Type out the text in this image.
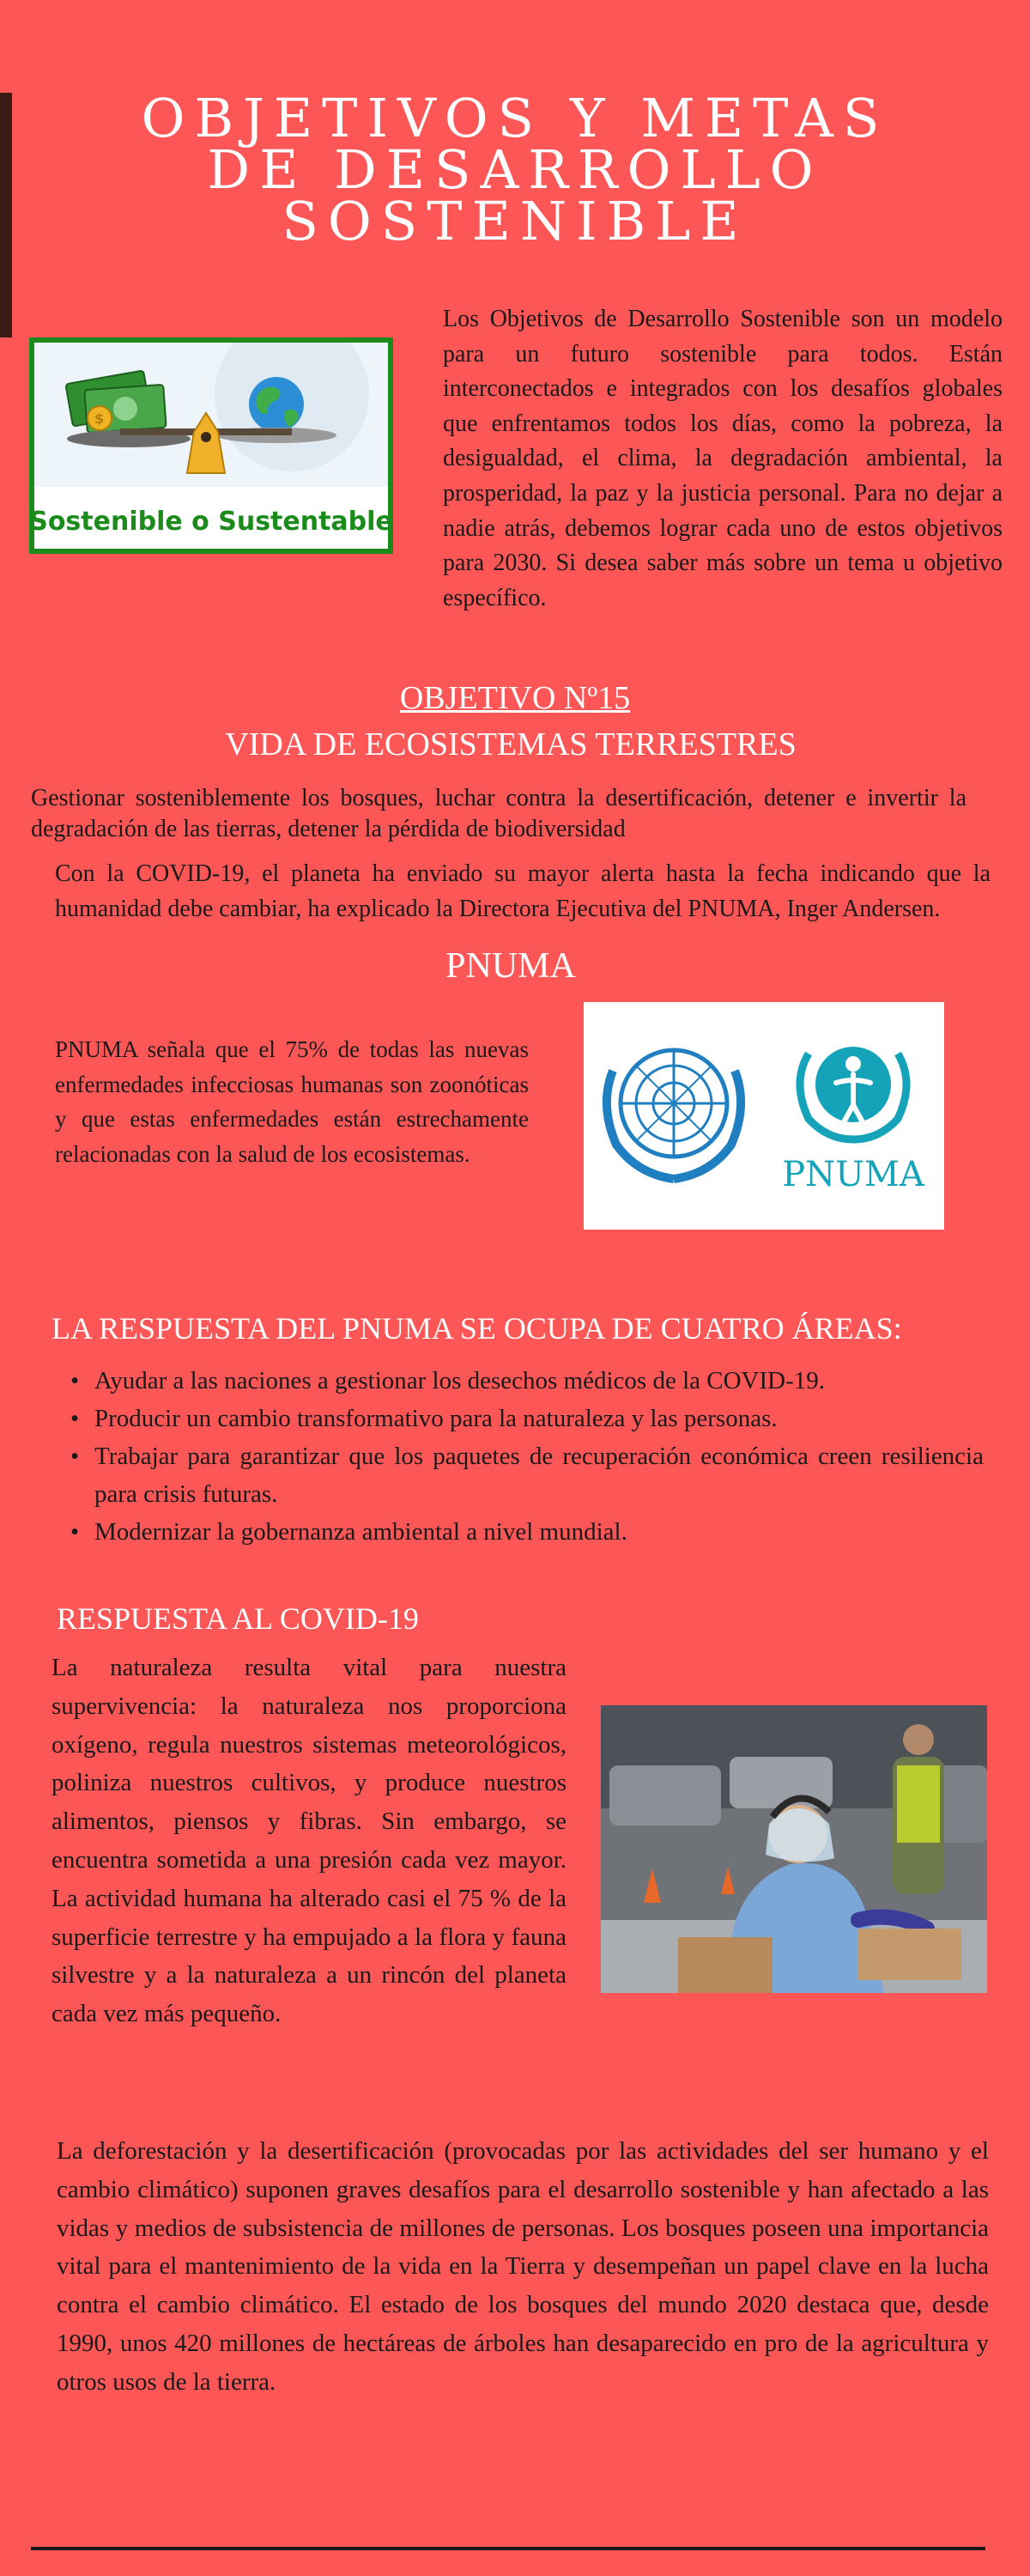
OBJETIVOS Y METAS DE DESARROLLO SOSTENIBLE
$
Sostenible o Sustentable

Los Objetivos de Desarrollo Sostenible son un modelo para un futuro sostenible para todos. Están interconectados e integrados con los desafíos globales que enfrentamos todos los días, como la pobreza, la desigualdad, el clima, la degradación ambiental, la prosperidad, la paz y la justicia personal. Para no dejar a nadie atrás, debemos lograr cada uno de estos objetivos para 2030. Si desea saber más sobre un tema u objetivo específico.

OBJETIVO Nº15
VIDA DE ECOSISTEMAS TERRESTRES

Gestionar sosteniblemente los bosques, luchar contra la desertificación, detener e invertir la degradación de las tierras, detener la pérdida de biodiversidad

Con la COVID-19, el planeta ha enviado su mayor alerta hasta la fecha indicando que la humanidad debe cambiar, ha explicado la Directora Ejecutiva del PNUMA, Inger Andersen.

PNUMA

PNUMA señala que el 75% de todas las nuevas enfermedades infecciosas humanas son zoonóticas y que estas enfermedades están estrechamente relacionadas con la salud de los ecosistemas.

PNUMA
LA RESPUESTA DEL PNUMA SE OCUPA DE CUATRO ÁREAS:
• Ayudar a las naciones a gestionar los desechos médicos de la COVID-19.
• Producir un cambio transformativo para la naturaleza y las personas.
• Trabajar para garantizar que los paquetes de recuperación económica creen resiliencia para crisis futuras.
• Modernizar la gobernanza ambiental a nivel mundial.
RESPUESTA AL COVID-19

La naturaleza resulta vital para nuestra supervivencia: la naturaleza nos proporciona oxígeno, regula nuestros sistemas meteorológicos, poliniza nuestros cultivos, y produce nuestros alimentos, piensos y fibras. Sin embargo, se encuentra sometida a una presión cada vez mayor. La actividad humana ha alterado casi el 75 % de la superficie terrestre y ha empujado a la flora y fauna silvestre y a la naturaleza a un rincón del planeta cada vez más pequeño.

La deforestación y la desertificación (provocadas por las actividades del ser humano y el cambio climático) suponen graves desafíos para el desarrollo sostenible y han afectado a las vidas y medios de subsistencia de millones de personas. Los bosques poseen una importancia vital para el mantenimiento de la vida en la Tierra y desempeñan un papel clave en la lucha contra el cambio climático. El estado de los bosques del mundo 2020 destaca que, desde 1990, unos 420 millones de hectáreas de árboles han desaparecido en pro de la agricultura y otros usos de la tierra.
